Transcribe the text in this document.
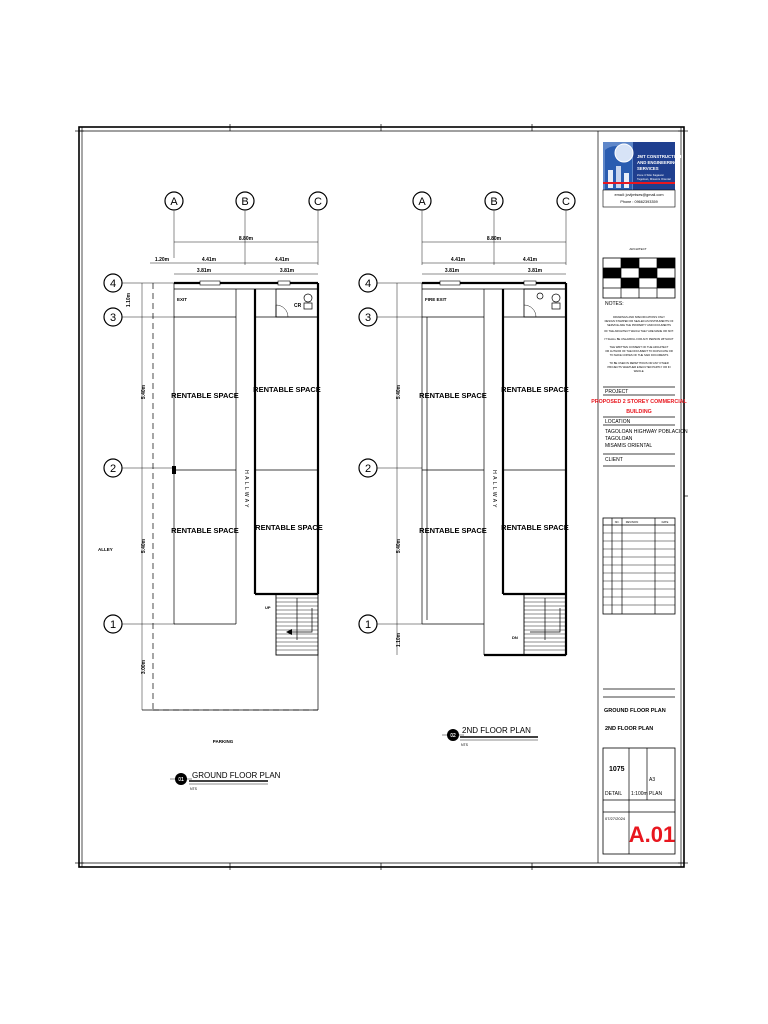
A	B	C
8.80m
1.20m	4.41m	4.41m
3.81m	3.81m
4
3
2
1
1.10m
5.40m
5.40m
3.00m
CR
EXIT
RENTABLE SPACE
RENTABLE SPACE
RENTABLE SPACE RENTABLE SPACE
HALLWAY
ALLEY
PARKING
UP
01 GROUND FLOOR PLAN
NTS
A	B	C
8.80m
4.41m	4.41m
3.81m	3.81m
4
3
2
1
5.40m
5.40m
1.10m
FIRE EXIT
RENTABLE SPACE
RENTABLE SPACE
RENTABLE SPACE RENTABLE SPACE
HALLWAY
DN
02
2ND FLOOR PLAN
NTS
JMT CONSTRUCTION
AND ENGINEERING
SERVICES
Zone 4 Sitio Kagawat
Tagoloan, Misamis Oriental
email: jcvtjmtses@gmail.com
Phone : 09662393359
ARCHITECT
NOTES:
DRAWINGS AND SPECIFICATIONS ONLY
DESIGN STAMPED OR SEALED AS INSTRUMENTS OF
SERVICE ARE THE PROPERTY AND DOCUMENTS
OF THE ARCHITECT WHICH THEY ARE MADE OR NOT.
IT SHALL BE UNLAWFUL FOR ANY PERSON WITHOUT
THE WRITTEN CONSENT OF THE ARCHITECT
OR AUTHOR OF THE DOCUMENT TO DUPLICATE OR
TO MAKE COPIES OF THE SAID DOCUMENTS
TO BE USED IN REPETITIOUS OR ANY OTHER
PROJECTS WHETHER EXECUTED PARTLY OR IN
WHOLE.
PROJECT
PROPOSED 2 STOREY COMMERCIAL
BUILDING
LOCATION
TAGOLOAN HIGHWAY POBLACION
TAGOLOAN
MISAMIS ORIENTAL
CLIENT
NO. REVISION	DATE
GROUND FLOOR PLAN
2ND FLOOR PLAN
1075
A3
DETAIL 1:100m PLAN
07/27/2024
A.01
